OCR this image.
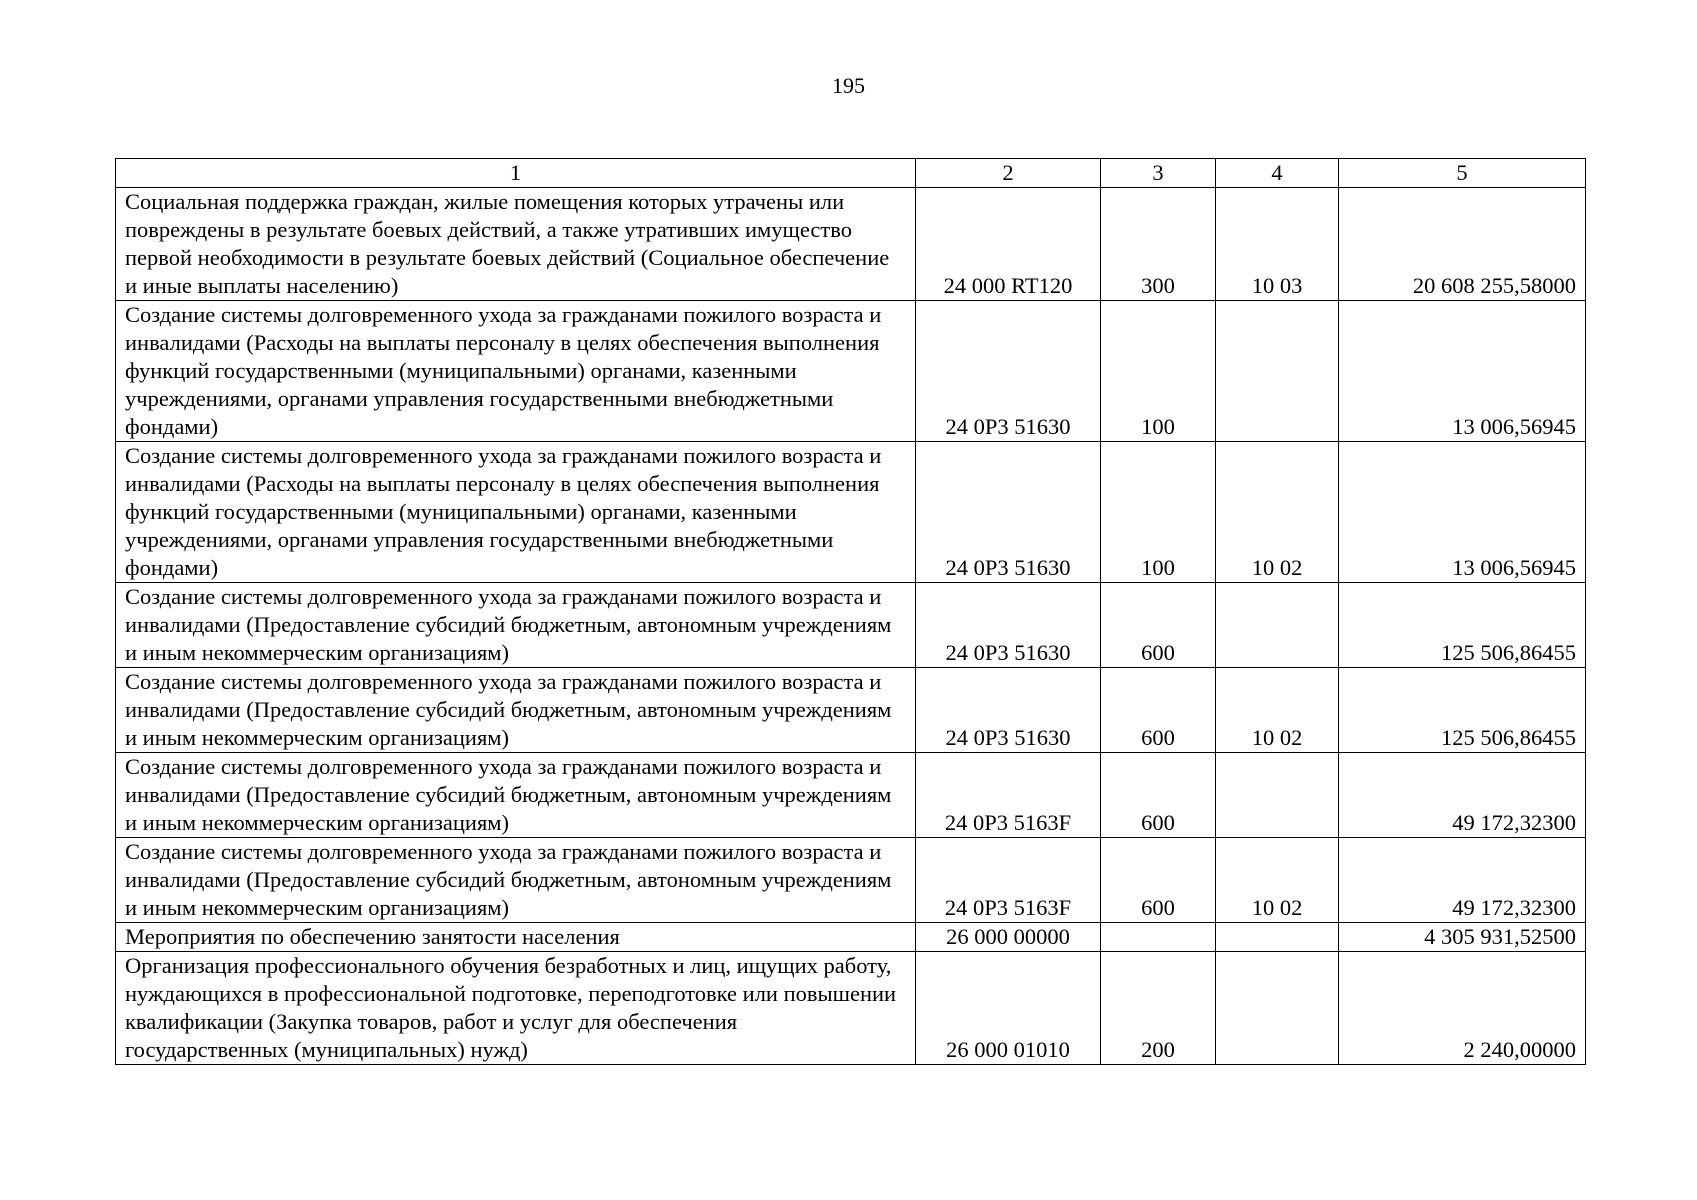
195
1	2	3	4	5
Социальная поддержка граждан, жилые помещения которых утрачены или повреждены в результате боевых действий, а также утративших имущество первой необходимости в результате боевых действий (Социальное обеспечение и иные выплаты населению)	24 000 RT120	300	10 03	20 608 255,58000
Создание системы долговременного ухода за гражданами пожилого возраста и инвалидами (Расходы на выплаты персоналу в целях обеспечения выполнения функций государственными (муниципальными) органами, казенными учреждениями, органами управления государственными внебюджетными фондами)	24 0Р3 51630	100		13 006,56945
Создание системы долговременного ухода за гражданами пожилого возраста и инвалидами (Расходы на выплаты персоналу в целях обеспечения выполнения функций государственными (муниципальными) органами, казенными учреждениями, органами управления государственными внебюджетными фондами)	24 0Р3 51630	100	10 02	13 006,56945
Создание системы долговременного ухода за гражданами пожилого возраста и инвалидами (Предоставление субсидий бюджетным, автономным учреждениям и иным некоммерческим организациям)	24 0Р3 51630	600		125 506,86455
Создание системы долговременного ухода за гражданами пожилого возраста и инвалидами (Предоставление субсидий бюджетным, автономным учреждениям и иным некоммерческим организациям)	24 0Р3 51630	600	10 02	125 506,86455
Создание системы долговременного ухода за гражданами пожилого возраста и инвалидами (Предоставление субсидий бюджетным, автономным учреждениям и иным некоммерческим организациям)	24 0Р3 5163F	600		49 172,32300
Создание системы долговременного ухода за гражданами пожилого возраста и инвалидами (Предоставление субсидий бюджетным, автономным учреждениям и иным некоммерческим организациям)	24 0Р3 5163F	600	10 02	49 172,32300
Мероприятия по обеспечению занятости населения	26 000 00000			4 305 931,52500
Организация профессионального обучения безработных и лиц, ищущих работу, нуждающихся в профессиональной подготовке, переподготовке или повышении квалификации (Закупка товаров, работ и услуг для обеспечения государственных (муниципальных) нужд)	26 000 01010	200		2 240,00000
